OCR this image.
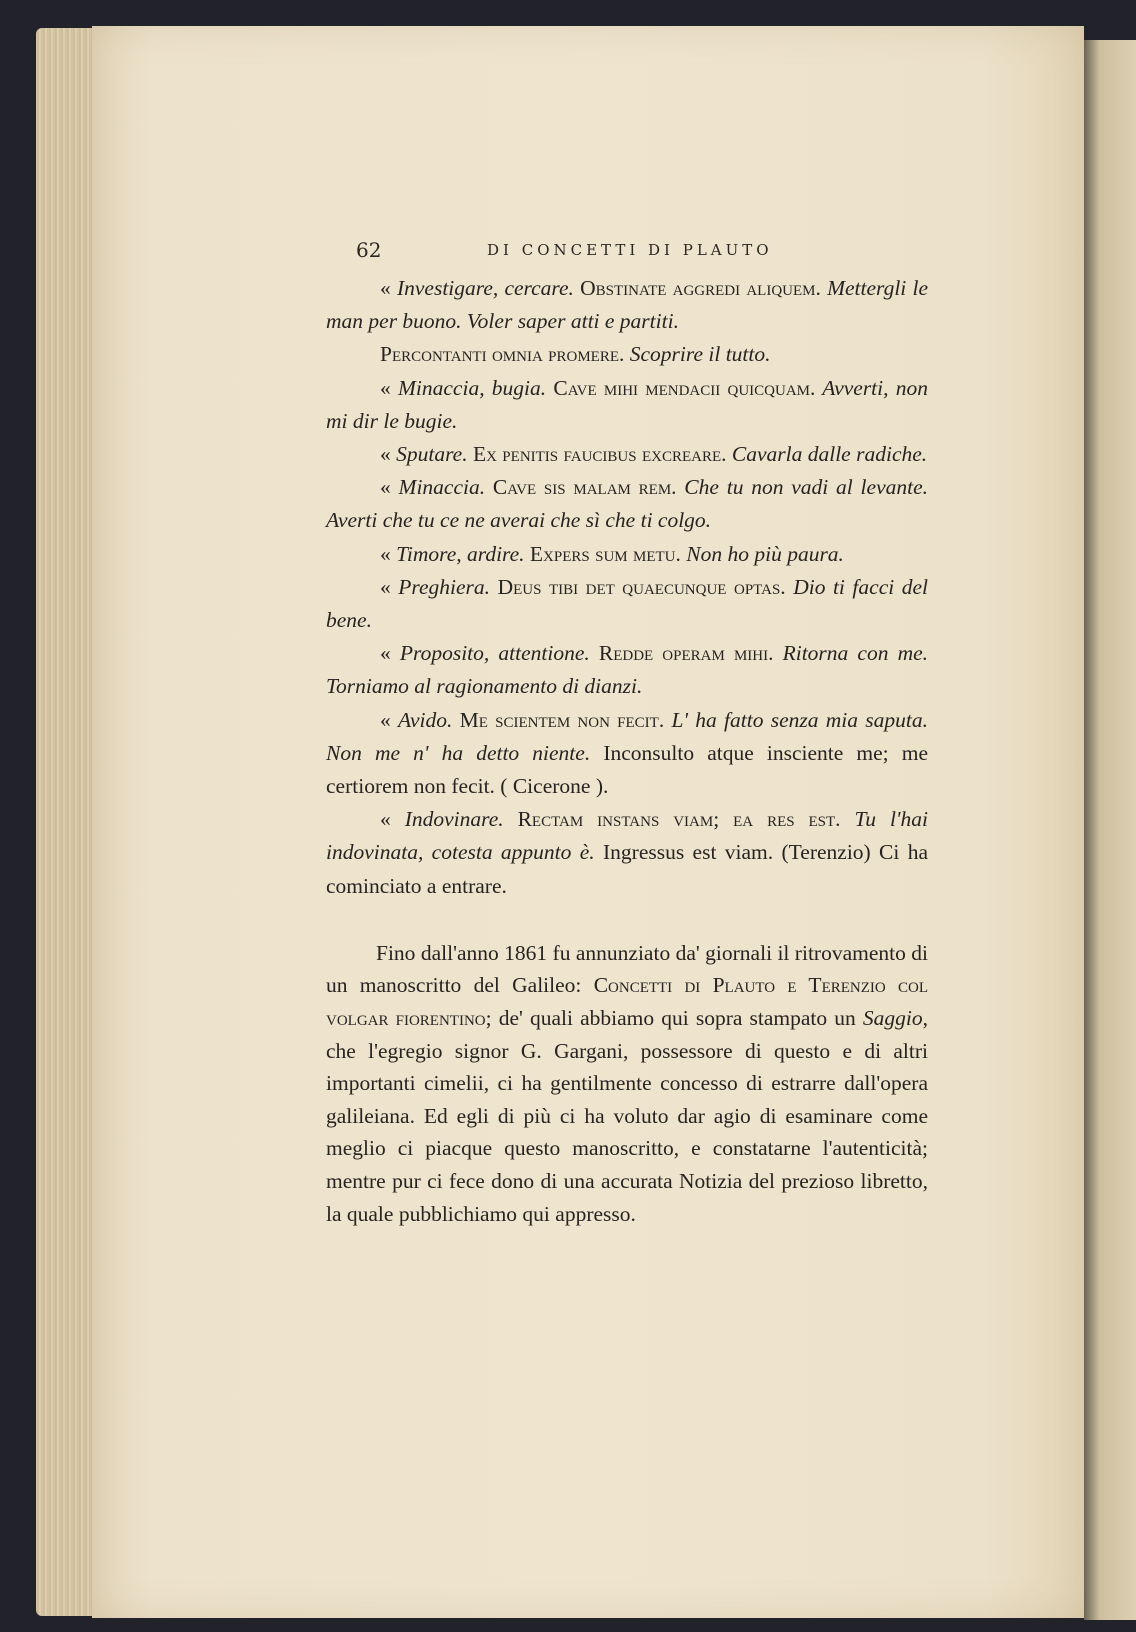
62	DI CONCETTI DI PLAUTO

« Investigare, cercare. Obstinate aggredi aliquem. Mettergli le man per buono. Voler saper atti e partiti.

Percontanti omnia promere. Scoprire il tutto.

« Minaccia, bugia. Cave mihi mendacii quicquam. Avverti, non mi dir le bugie.

« Sputare. Ex penitis faucibus excreare. Cavarla dalle radiche.

« Minaccia. Cave sis malam rem. Che tu non vadi al levante. Averti che tu ce ne averai che sì che ti colgo.

« Timore, ardire. Expers sum metu. Non ho più paura.

« Preghiera. Deus tibi det quaecunque optas. Dio ti facci del bene.

« Proposito, attentione. Redde operam mihi. Ritorna con me. Torniamo al ragionamento di dianzi.

« Avido. Me scientem non fecit. L' ha fatto senza mia saputa. Non me n' ha detto niente. Inconsulto atque insciente me; me certiorem non fecit. ( Cicerone ).

« Indovinare. Rectam instans viam; ea res est. Tu l'hai indovinata, cotesta appunto è. Ingressus est viam. (Terenzio) Ci ha cominciato a entrare.

Fino dall'anno 1861 fu annunziato da' giornali il ritrovamento di un manoscritto del Galileo: Concetti di Plauto e Terenzio col volgar fiorentino; de' quali abbiamo qui sopra stampato un Saggio, che l'egregio signor G. Gargani, possessore di questo e di altri importanti cimelii, ci ha gentilmente concesso di estrarre dall'opera galileiana. Ed egli di più ci ha voluto dar agio di esaminare come meglio ci piacque questo manoscritto, e constatarne l'autenticità; mentre pur ci fece dono di una accurata Notizia del prezioso libretto, la quale pubblichiamo qui appresso.
